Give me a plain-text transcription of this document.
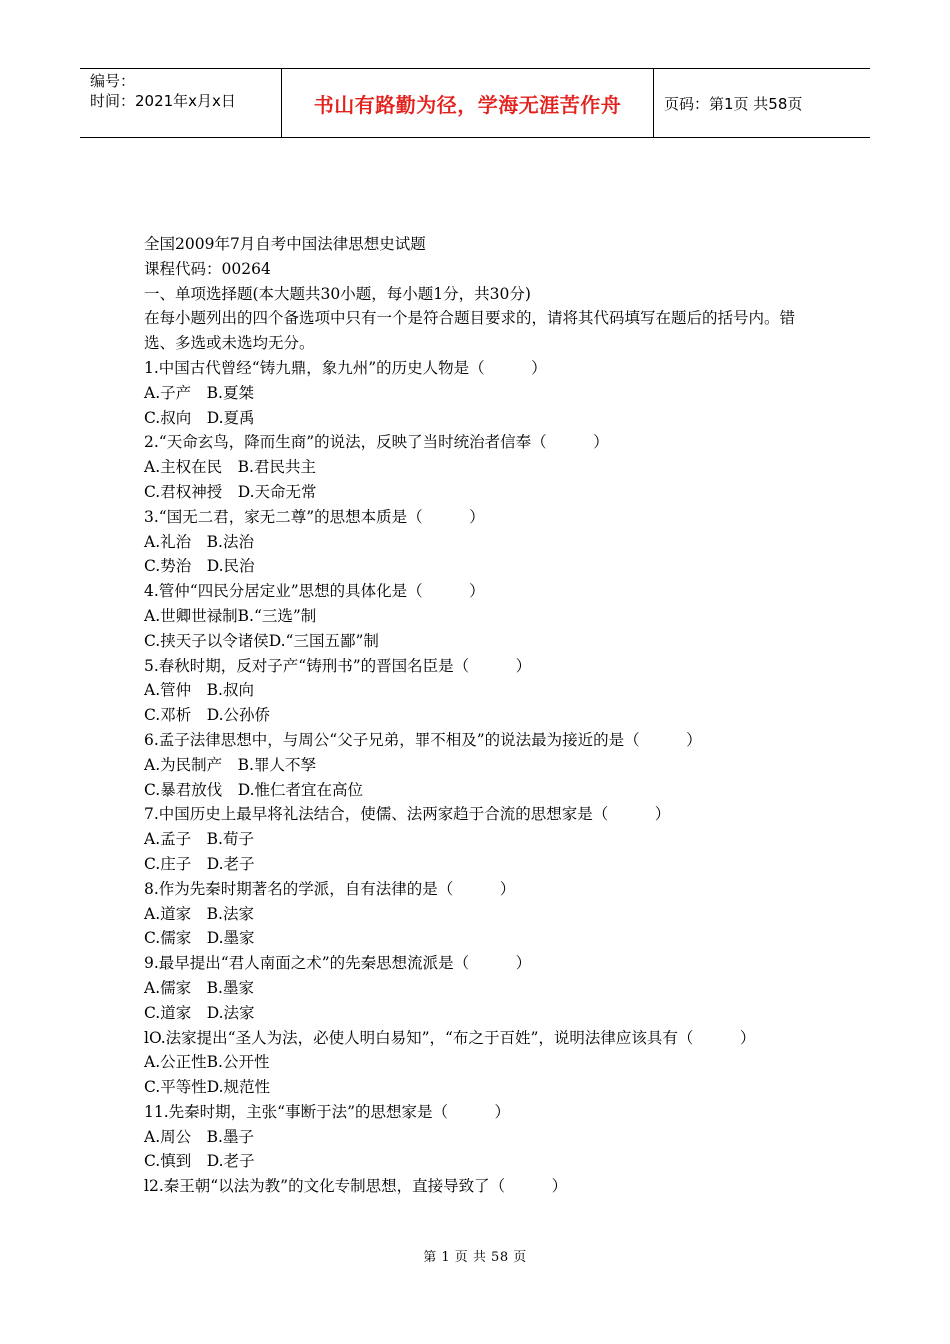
编号：
时间：2021年x月x日	书山有路勤为径，学海无涯苦作舟	页码：第1页 共58页
全国2009年7月自考中国法律思想史试题
课程代码：00264
一、单项选择题(本大题共30小题，每小题1分，共30分)
在每小题列出的四个备选项中只有一个是符合题目要求的，请将其代码填写在题后的括号内。错选、多选或未选均无分。
1.中国古代曾经“铸九鼎，象九州”的历史人物是（　　　）
A.子产　B.夏桀
C.叔向　D.夏禹
2.“天命玄鸟，降而生商”的说法，反映了当时统治者信奉（　　　）
A.主权在民　B.君民共主
C.君权神授　D.天命无常
3.“国无二君，家无二尊”的思想本质是（　　　）
A.礼治　B.法治
C.势治　D.民治
4.管仲“四民分居定业”思想的具体化是（　　　）
A.世卿世禄制B.“三选”制
C.挟天子以令诸侯D.“三国五鄙”制
5.春秋时期，反对子产“铸刑书”的晋国名臣是（　　　）
A.管仲　B.叔向
C.邓析　D.公孙侨
6.孟子法律思想中，与周公“父子兄弟，罪不相及”的说法最为接近的是（　　　）
A.为民制产　B.罪人不孥
C.暴君放伐　D.惟仁者宜在高位
7.中国历史上最早将礼法结合，使儒、法两家趋于合流的思想家是（　　　）
A.孟子　B.荀子
C.庄子　D.老子
8.作为先秦时期著名的学派，自有法律的是（　　　）
A.道家　B.法家
C.儒家　D.墨家
9.最早提出“君人南面之术”的先秦思想流派是（　　　）
A.儒家　B.墨家
C.道家　D.法家
lO.法家提出“圣人为法，必使人明白易知”，“布之于百姓”，说明法律应该具有（　　　）
A.公正性B.公开性
C.平等性D.规范性
11.先秦时期，主张“事断于法”的思想家是（　　　）
A.周公　B.墨子
C.慎到　D.老子
l2.秦王朝“以法为教”的文化专制思想，直接导致了（　　　）
第 1 页 共 58 页
